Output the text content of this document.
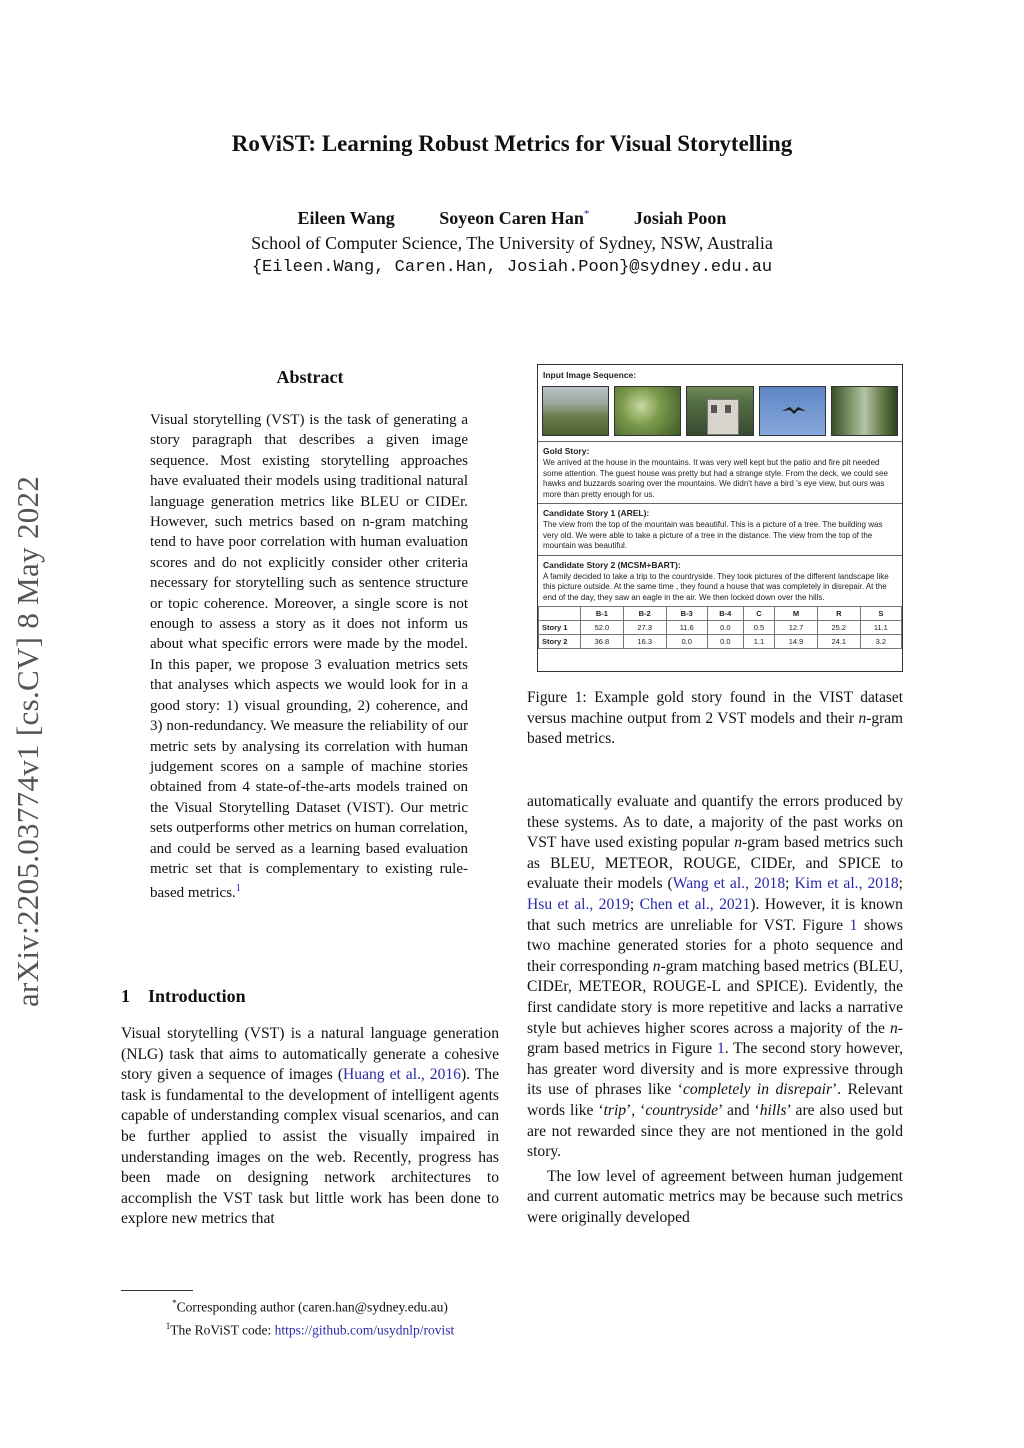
arXiv:2205.03774v1 [cs.CV] 8 May 2022
RoViST: Learning Robust Metrics for Visual Storytelling
Eileen Wang Soyeon Caren Han* Josiah Poon
School of Computer Science, The University of Sydney, NSW, Australia
{Eileen.Wang, Caren.Han, Josiah.Poon}@sydney.edu.au
Abstract
Visual storytelling (VST) is the task of generating a story paragraph that describes a given image sequence. Most existing storytelling approaches have evaluated their models using traditional natural language generation metrics like BLEU or CIDEr. However, such metrics based on n-gram matching tend to have poor correlation with human evaluation scores and do not explicitly consider other criteria necessary for storytelling such as sentence structure or topic coherence. Moreover, a single score is not enough to assess a story as it does not inform us about what specific errors were made by the model. In this paper, we propose 3 evaluation metrics sets that analyses which aspects we would look for in a good story: 1) visual grounding, 2) coherence, and 3) non-redundancy. We measure the reliability of our metric sets by analysing its correlation with human judgement scores on a sample of machine stories obtained from 4 state-of-the-arts models trained on the Visual Storytelling Dataset (VIST). Our metric sets outperforms other metrics on human correlation, and could be served as a learning based evaluation metric set that is complementary to existing rule-based metrics.$^1$
1 Introduction
Visual storytelling (VST) is a natural language generation (NLG) task that aims to automatically generate a cohesive story given a sequence of images (Huang et al., 2016). The task is fundamental to the development of intelligent agents capable of understanding complex visual scenarios, and can be further applied to assist the visually impaired in understanding images on the web. Recently, progress has been made on designing network architectures to accomplish the VST task but little work has been done to explore new metrics that
*Corresponding author (caren.han@sydney.edu.au)
$^1$The RoViST code: https://github.com/usydnlp/rovist
Input Image Sequence:
Gold Story:
We arrived at the house in the mountains. It was very well kept but the patio and fire pit needed some attention. The guest house was pretty but had a strange style. From the deck, we could see hawks and buzzards soaring over the mountains. We didn't have a bird 's eye view, but ours was more than pretty enough for us.
Candidate Story 1 (AREL):
The view from the top of the mountain was beautiful. This is a picture of a tree. The building was very old. We were able to take a picture of a tree in the distance. The view from the top of the mountain was beautiful.
Candidate Story 2 (MCSM+BART):
A family decided to take a trip to the countryside. They took pictures of the different landscape like this picture outside. At the same time , they found a house that was completely in disrepair. At the end of the day, they saw an eagle in the air. We then locked down over the hills.
	B-1	B-2	B-3	B-4	C	M	R	S
Story 1	52.0	27.3	11.6	0.0	0.5	12.7	25.2	11.1
Story 2	36.8	16.3	0.0	0.0	1.1	14.9	24.1	3.2
Figure 1: Example gold story found in the VIST dataset versus machine output from 2 VST models and their n-gram based metrics.

automatically evaluate and quantify the errors produced by these systems. As to date, a majority of the past works on VST have used existing popular n-gram based metrics such as BLEU, METEOR, ROUGE, CIDEr, and SPICE to evaluate their models (Wang et al., 2018; Kim et al., 2018; Hsu et al., 2019; Chen et al., 2021). However, it is known that such metrics are unreliable for VST. Figure 1 shows two machine generated stories for a photo sequence and their corresponding n-gram matching based metrics (BLEU, CIDEr, METEOR, ROUGE-L and SPICE). Evidently, the first candidate story is more repetitive and lacks a narrative style but achieves higher scores across a majority of the n-gram based metrics in Figure 1. The second story however, has greater word diversity and is more expressive through its use of phrases like ‘completely in disrepair’. Relevant words like ‘trip’, ‘countryside’ and ‘hills’ are also used but are not rewarded since they are not mentioned in the gold story.

The low level of agreement between human judgement and current automatic metrics may be because such metrics were originally developed
